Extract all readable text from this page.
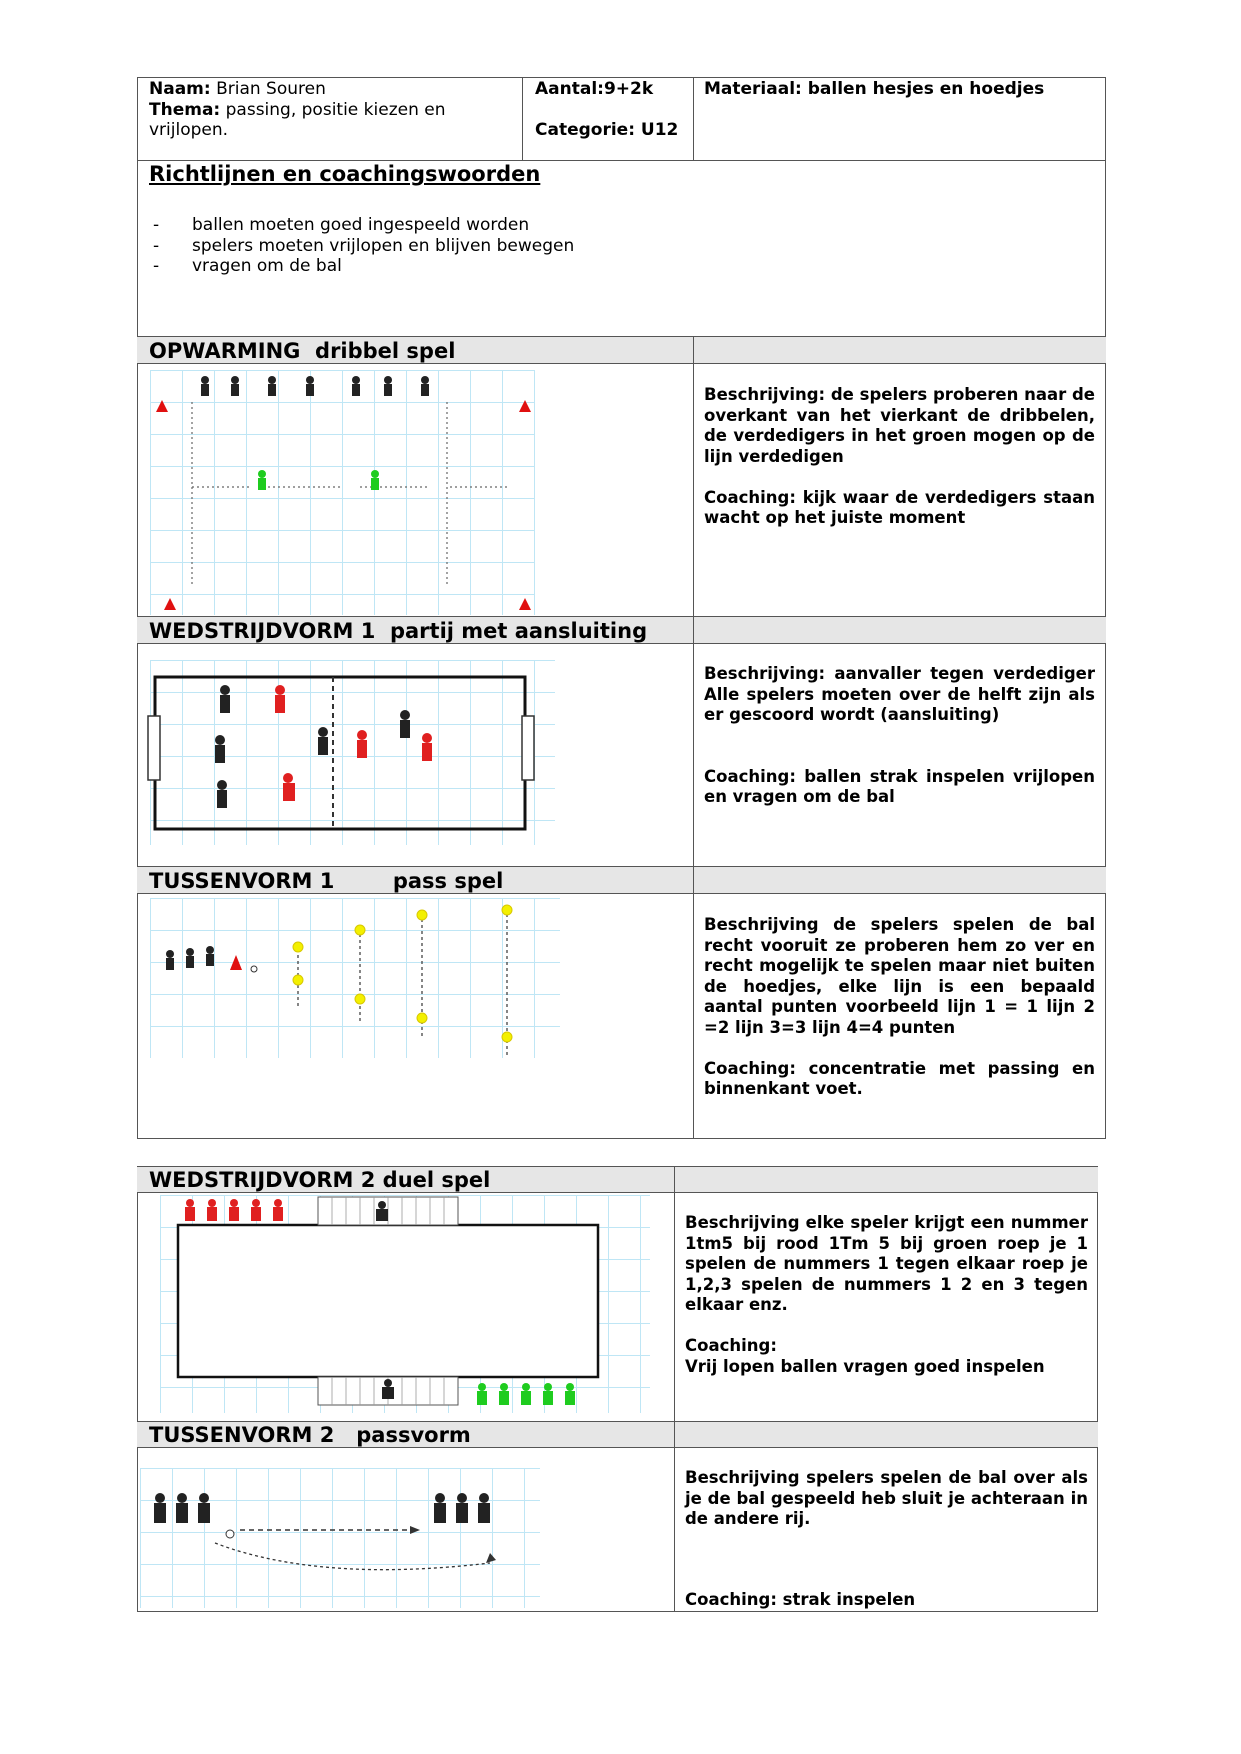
Naam: Brian Souren
Thema: passing, positie kiezen en vrijlopen.
Aantal:9+2k
Categorie: U12
Materiaal: ballen hesjes en hoedjes
Richtlijnen en coachingswoorden
- ballen moeten goed ingespeeld worden
- spelers moeten vrijlopen en blijven bewegen
- vragen om de bal
OPWARMING  dribbel spel
WEDSTRIJDVORM 1  partij met aansluiting
TUSSENVORM 1        pass spel

Beschrijving: de spelers proberen naar de overkant van het vierkant de dribbelen, de verdedigers in het groen mogen op de lijn verdedigen

Coaching: kijk waar de verdedigers staan wacht op het juiste moment

Beschrijving: aanvaller tegen verdediger Alle spelers moeten over de helft zijn als er gescoord wordt (aansluiting)

Coaching: ballen strak inspelen vrijlopen en vragen om de bal

Beschrijving de spelers spelen de bal recht vooruit ze proberen hem zo ver en recht mogelijk te spelen maar niet buiten de hoedjes, elke lijn is een bepaald aantal punten voorbeeld lijn 1 = 1 lijn 2 =2 lijn 3=3 lijn 4=4 punten

Coaching: concentratie met passing en binnenkant voet.

WEDSTRIJDVORM 2 duel spel
TUSSENVORM 2   passvorm

Beschrijving elke speler krijgt een nummer 1tm5 bij rood 1Tm 5 bij groen roep je 1 spelen de nummers 1 tegen elkaar roep je 1,2,3 spelen de nummers 1 2 en 3 tegen elkaar enz.

Coaching:

Vrij lopen ballen vragen goed inspelen

Beschrijving spelers spelen de bal over als je de bal gespeeld heb sluit je achteraan in de andere rij.

Coaching: strak inspelen
